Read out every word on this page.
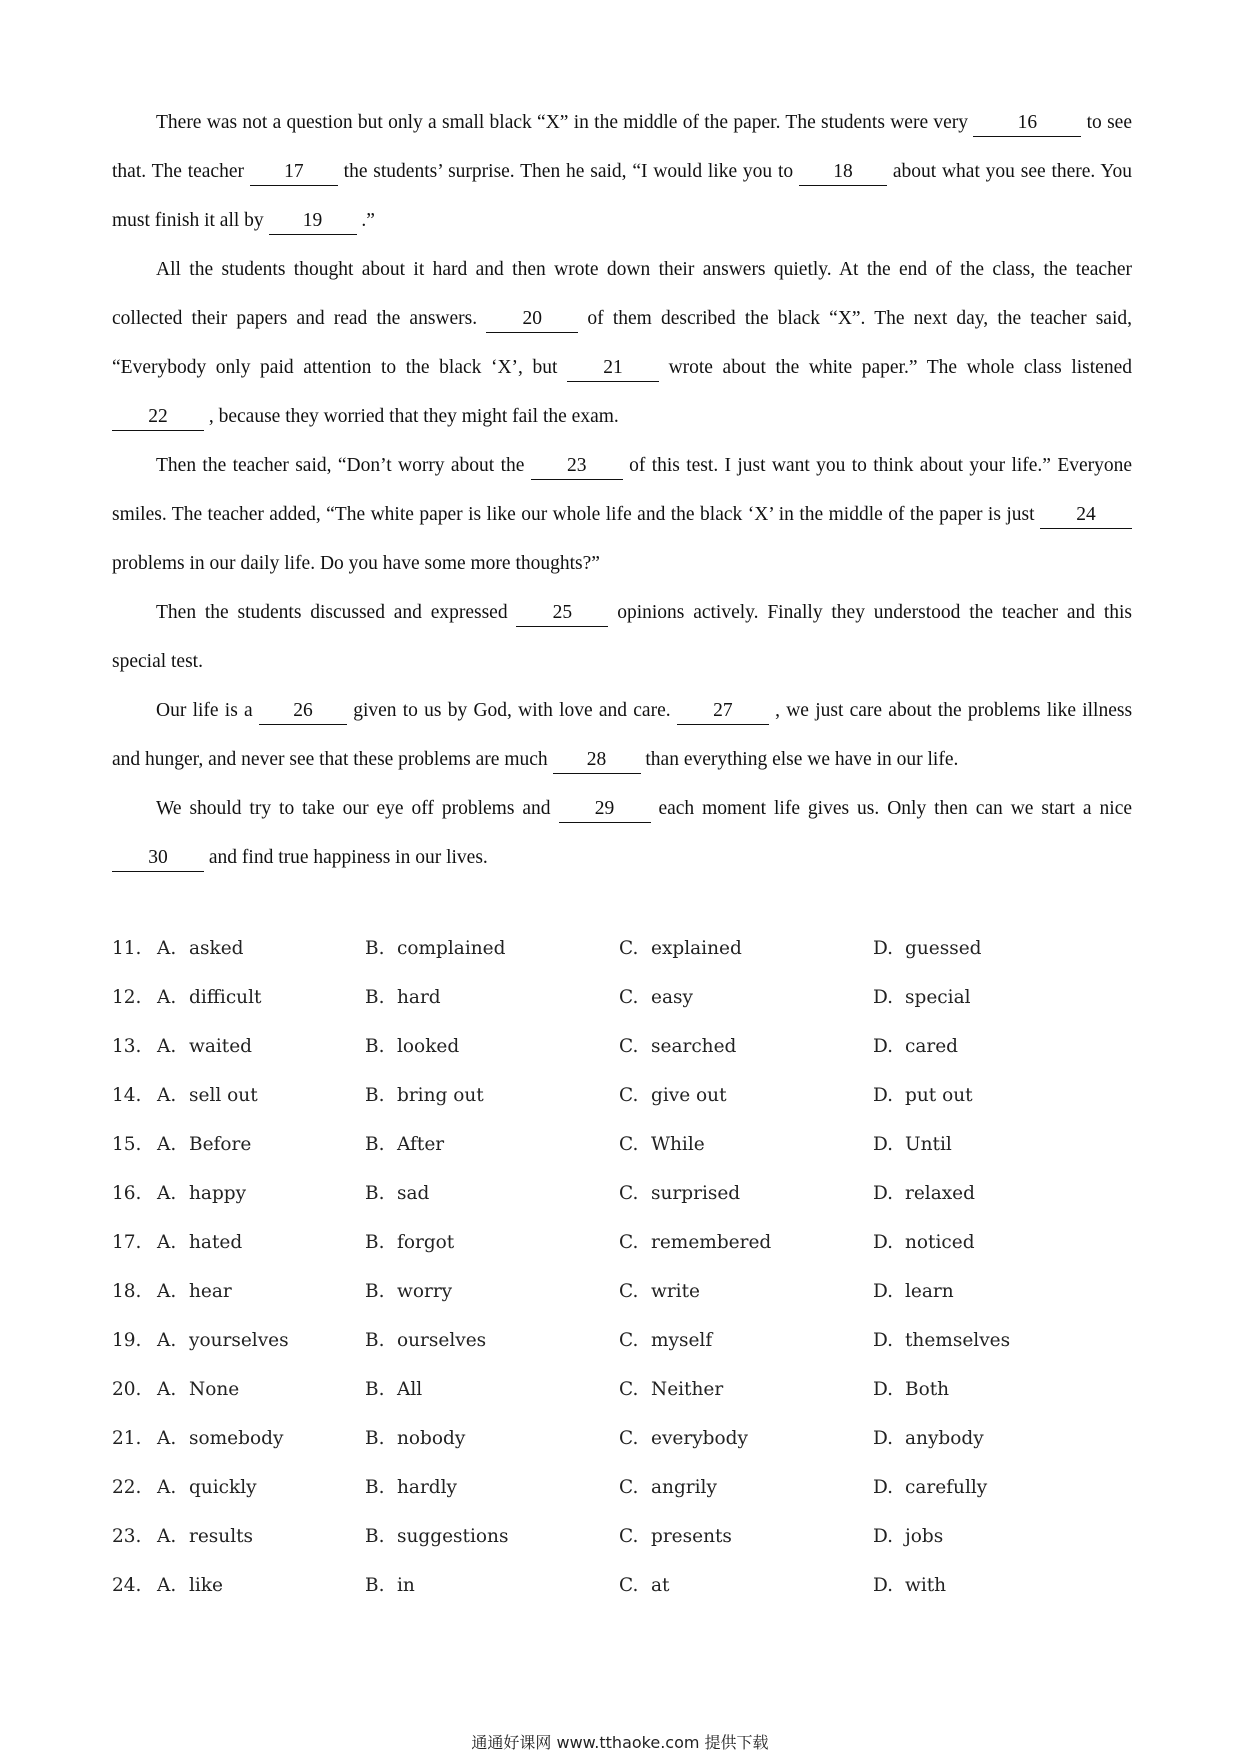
There was not a question but only a small black “X” in the middle of the paper. The students were very	16	to see that. The teacher 17 the students’ surprise. Then he said, “I would like you to 18 about what you see there. You must finish it all by 19 .”

All the students thought about it hard and then wrote down their answers quietly. At the end of the class, the teacher collected their papers and read the answers. 20 of them described the black “X”. The next day, the teacher said, “Everybody only paid attention to the black ‘X’, but 21 wrote about the white paper.” The whole class listened 22 , because they worried that they might fail the exam.

Then the teacher said, “Don’t worry about the 23 of this test. I just want you to think about your life.” Everyone smiles. The teacher added, “The white paper is like our whole life and the black ‘X’ in the middle of the paper is just 24 problems in our daily life. Do you have some more thoughts?”

Then the students discussed and expressed 25 opinions actively. Finally they understood the teacher and this special test.

Our life is a 26 given to us by God, with love and care. 27 , we just care about the problems like illness and hunger, and never see that these problems are much 28 than everything else we have in our life.

We should try to take our eye off problems and 29 each moment life gives us. Only then can we start a nice 30 and find true happiness in our lives.

11. A. asked	B. complained	C. explained	D. guessed
12. A. difficult	B. hard	C. easy	D. special
13. A. waited	B. looked	C. searched	D. cared
14. A. sell out	B. bring out	C. give out	D. put out
15. A. Before	B. After	C. While	D. Until
16. A. happy	B. sad	C. surprised	D. relaxed
17. A. hated	B. forgot	C. remembered	D. noticed
18. A. hear	B. worry	C. write	D. learn
19. A. yourselves	B. ourselves	C. myself	D. themselves
20. A. None	B. All	C. Neither	D. Both
21. A. somebody	B. nobody	C. everybody	D. anybody
22. A. quickly	B. hardly	C. angrily	D. carefully
23. A. results	B. suggestions	C. presents	D. jobs
24. A. like	B. in	C. at	D. with
通通好课网 www.tthaoke.com 提供下载
